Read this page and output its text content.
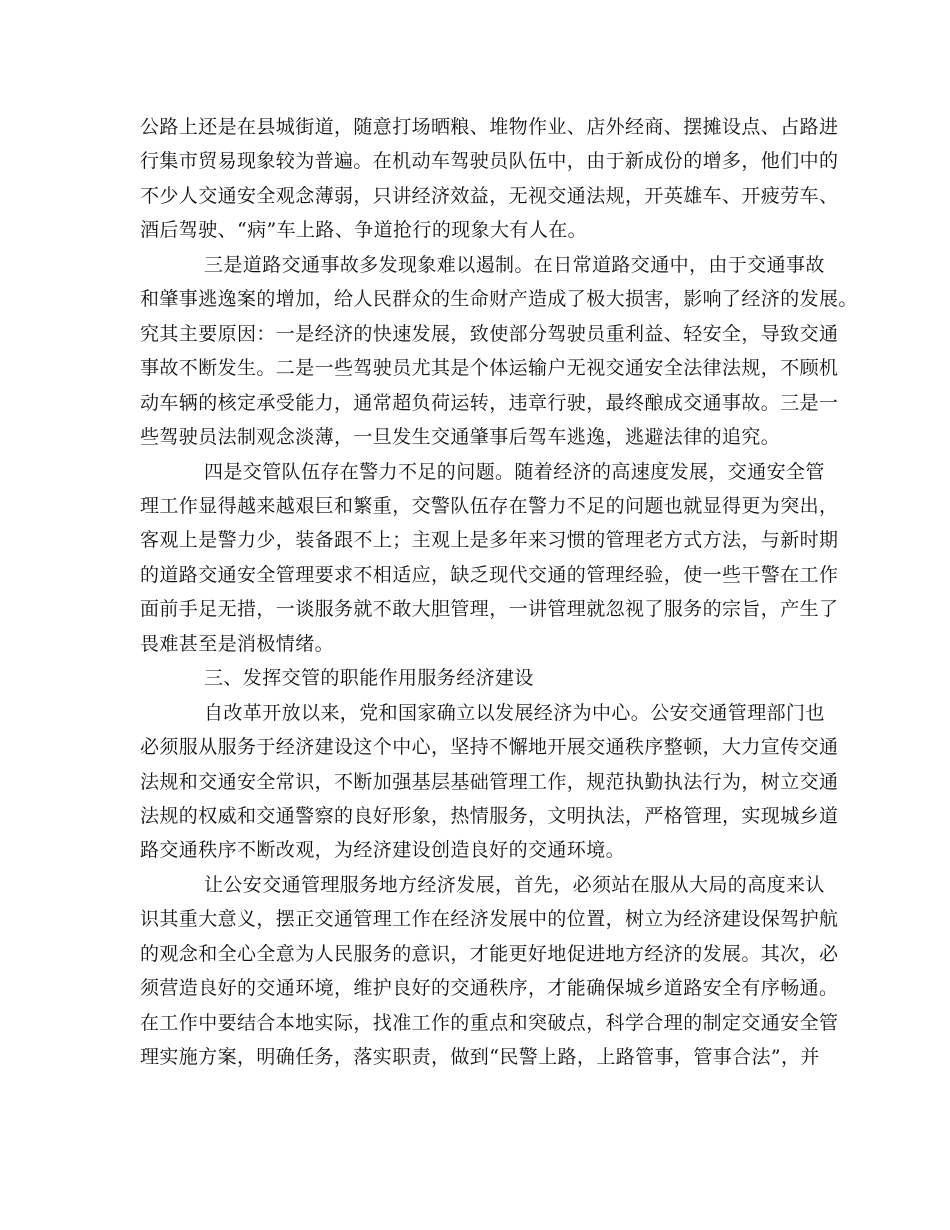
公路上还是在县城街道，随意打场晒粮、堆物作业、店外经商、摆摊设点、占路进
行集市贸易现象较为普遍。在机动车驾驶员队伍中，由于新成份的增多，他们中的
不少人交通安全观念薄弱，只讲经济效益，无视交通法规，开英雄车、开疲劳车、
酒后驾驶、“病”车上路、争道抢行的现象大有人在。
三是道路交通事故多发现象难以遏制。在日常道路交通中，由于交通事故
和肇事逃逸案的增加，给人民群众的生命财产造成了极大损害，影响了经济的发展。
究其主要原因：一是经济的快速发展，致使部分驾驶员重利益、轻安全，导致交通
事故不断发生。二是一些驾驶员尤其是个体运输户无视交通安全法律法规，不顾机
动车辆的核定承受能力，通常超负荷运转，违章行驶，最终酿成交通事故。三是一
些驾驶员法制观念淡薄，一旦发生交通肇事后驾车逃逸，逃避法律的追究。
四是交管队伍存在警力不足的问题。随着经济的高速度发展，交通安全管
理工作显得越来越艰巨和繁重，交警队伍存在警力不足的问题也就显得更为突出，
客观上是警力少，装备跟不上；主观上是多年来习惯的管理老方式方法，与新时期
的道路交通安全管理要求不相适应，缺乏现代交通的管理经验，使一些干警在工作
面前手足无措，一谈服务就不敢大胆管理，一讲管理就忽视了服务的宗旨，产生了
畏难甚至是消极情绪。
三、发挥交管的职能作用服务经济建设
自改革开放以来，党和国家确立以发展经济为中心。公安交通管理部门也
必须服从服务于经济建设这个中心，坚持不懈地开展交通秩序整顿，大力宣传交通
法规和交通安全常识，不断加强基层基础管理工作，规范执勤执法行为，树立交通
法规的权威和交通警察的良好形象，热情服务，文明执法，严格管理，实现城乡道
路交通秩序不断改观，为经济建设创造良好的交通环境。
让公安交通管理服务地方经济发展，首先，必须站在服从大局的高度来认
识其重大意义，摆正交通管理工作在经济发展中的位置，树立为经济建设保驾护航
的观念和全心全意为人民服务的意识，才能更好地促进地方经济的发展。其次，必
须营造良好的交通环境，维护良好的交通秩序，才能确保城乡道路安全有序畅通。
在工作中要结合本地实际，找准工作的重点和突破点，科学合理的制定交通安全管
理实施方案，明确任务，落实职责，做到“民警上路，上路管事，管事合法”，并
